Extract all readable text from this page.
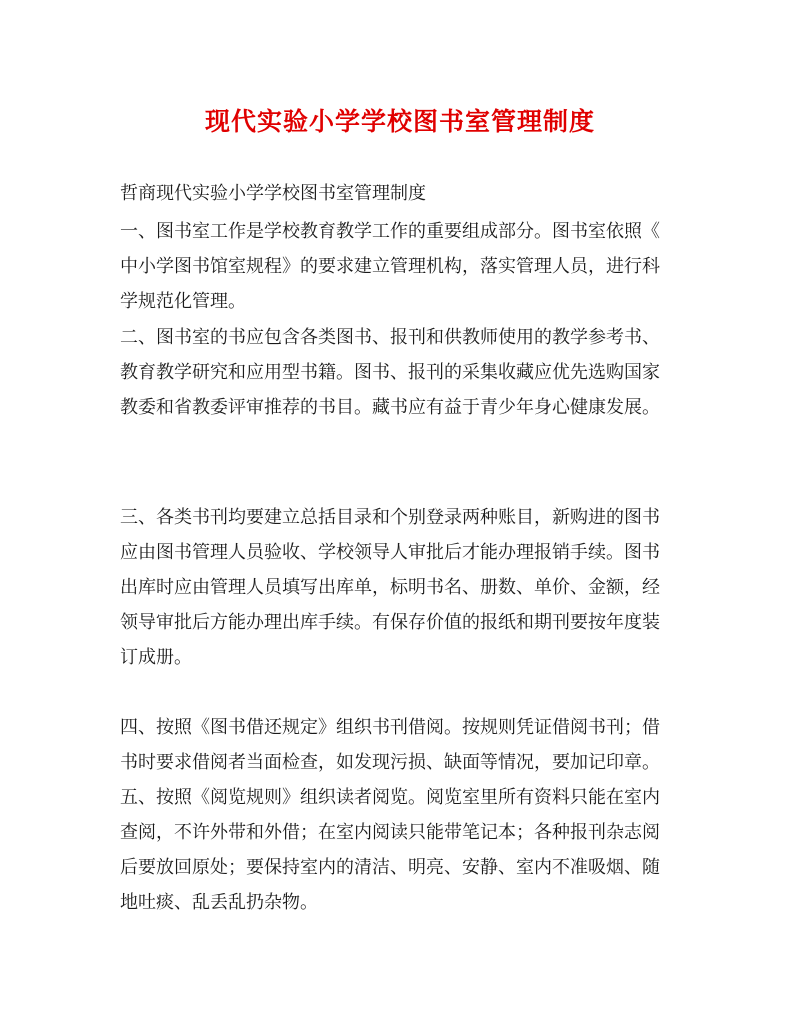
现代实验小学学校图书室管理制度
哲商现代实验小学学校图书室管理制度
一、图书室工作是学校教育教学工作的重要组成部分。图书室依照《
中小学图书馆室规程》的要求建立管理机构，落实管理人员，进行科
学规范化管理。
二、图书室的书应包含各类图书、报刊和供教师使用的教学参考书、
教育教学研究和应用型书籍。图书、报刊的采集收藏应优先选购国家
教委和省教委评审推荐的书目。藏书应有益于青少年身心健康发展。
三、各类书刊均要建立总括目录和个别登录两种账目，新购进的图书
应由图书管理人员验收、学校领导人审批后才能办理报销手续。图书
出库时应由管理人员填写出库单，标明书名、册数、单价、金额，经
领导审批后方能办理出库手续。有保存价值的报纸和期刊要按年度装
订成册。
四、按照《图书借还规定》组织书刊借阅。按规则凭证借阅书刊；借
书时要求借阅者当面检查，如发现污损、缺面等情况，要加记印章。
五、按照《阅览规则》组织读者阅览。阅览室里所有资料只能在室内
查阅，不许外带和外借；在室内阅读只能带笔记本；各种报刊杂志阅
后要放回原处；要保持室内的清洁、明亮、安静、室内不准吸烟、随
地吐痰、乱丢乱扔杂物。
